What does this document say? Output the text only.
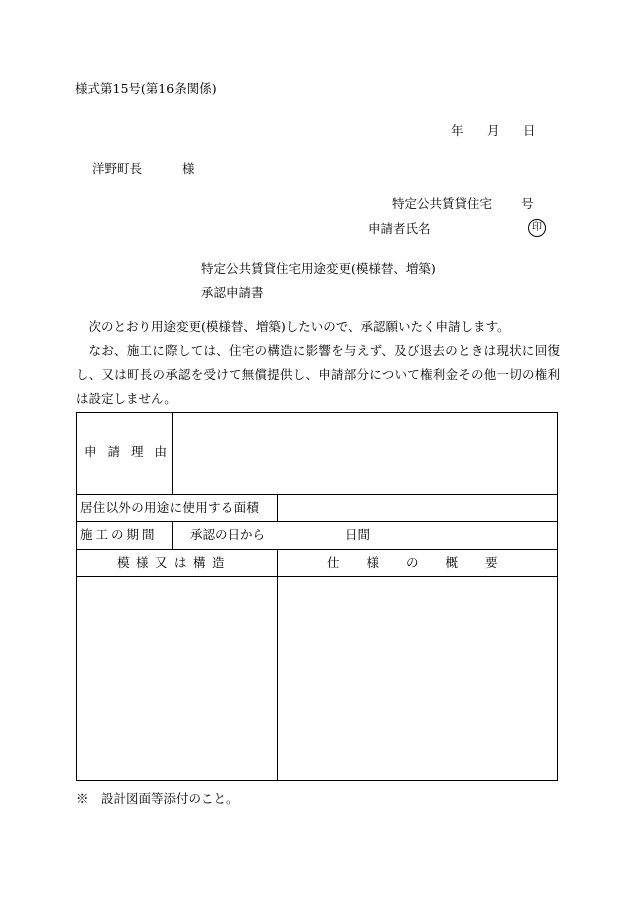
様式第15号(第16条関係)
年 月 日
洋野町長	様
特定公共賃貸住宅 号
申請者氏名	印
特定公共賃貸住宅用途変更(模様替、増築)
承認申請書
次のとおり用途変更(模様替、増築)したいので、承認願いたく申請します。
なお、施工に際しては、住宅の構造に影響を与えず、及び退去のときは現状に回復し、又は町長の承認を受けて無償提供し、申請部分について権利金その他一切の権利は設定しません。
申請理由
居住以外の用途に使用する面積
施工の期間	承認の日から	日間
模様又は構造	仕様の概要
※　設計図面等添付のこと。
